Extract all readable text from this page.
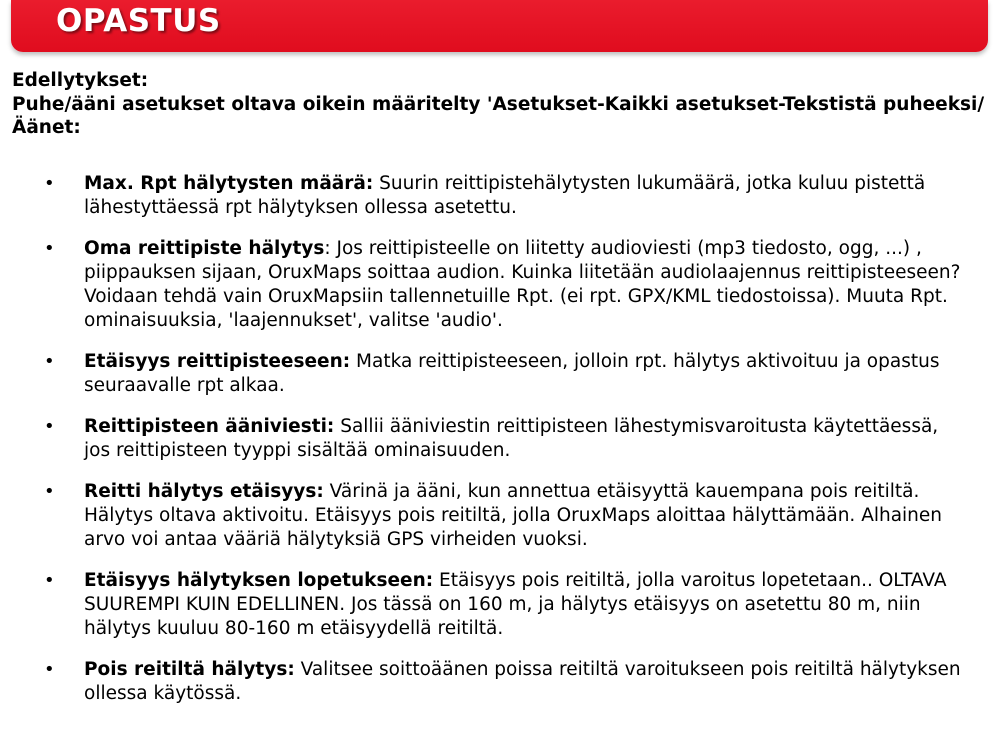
OPASTUS
Edellytykset:
Puhe/ääni asetukset oltava oikein määritelty 'Asetukset-Kaikki asetukset-Tekstistä puheeksi/Äänet:
• Max. Rpt hälytysten määrä: Suurin reittipistehälytysten lukumäärä, jotka kuluu pistettä lähestyttäessä rpt hälytyksen ollessa asetettu.
• Oma reittipiste hälytys: Jos reittipisteelle on liitetty audioviesti (mp3 tiedosto, ogg, ...) , piippauksen sijaan, OruxMaps soittaa audion. Kuinka liitetään audiolaajennus reittipisteeseen? Voidaan tehdä vain OruxMapsiin tallennetuille Rpt. (ei rpt. GPX/KML tiedostoissa). Muuta Rpt. ominaisuuksia, 'laajennukset', valitse 'audio'.
• Etäisyys reittipisteeseen: Matka reittipisteeseen, jolloin rpt. hälytys aktivoituu ja opastus seuraavalle rpt alkaa.
• Reittipisteen ääniviesti: Sallii ääniviestin reittipisteen lähestymisvaroitusta käytettäessä, jos reittipisteen tyyppi sisältää ominaisuuden.
• Reitti hälytys etäisyys: Värinä ja ääni, kun annettua etäisyyttä kauempana pois reitiltä. Hälytys oltava aktivoitu. Etäisyys pois reitiltä, jolla OruxMaps aloittaa hälyttämään. Alhainen arvo voi antaa vääriä hälytyksiä GPS virheiden vuoksi.
• Etäisyys hälytyksen lopetukseen: Etäisyys pois reitiltä, jolla varoitus lopetetaan.. OLTAVA SUUREMPI KUIN EDELLINEN. Jos tässä on 160 m, ja hälytys etäisyys on asetettu 80 m, niin hälytys kuuluu 80-160 m etäisyydellä reitiltä.
• Pois reitiltä hälytys: Valitsee soittoäänen poissa reitiltä varoitukseen pois reitiltä hälytyksen ollessa käytössä.
